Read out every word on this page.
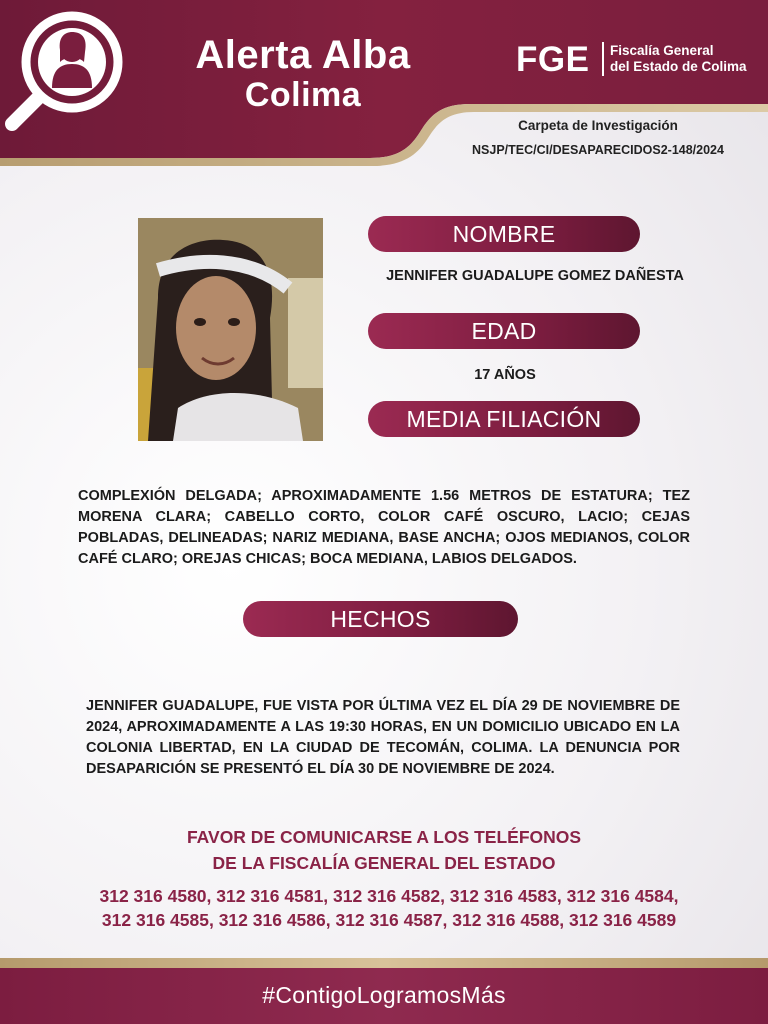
Alerta Alba
Colima
FGE Fiscalía General
del Estado de Colima
Carpeta de Investigación
NSJP/TEC/CI/DESAPARECIDOS2-148/2024
NOMBRE
JENNIFER GUADALUPE GOMEZ DAÑESTA
EDAD
17 AÑOS
MEDIA FILIACIÓN
COMPLEXIÓN DELGADA; APROXIMADAMENTE 1.56 METROS DE ESTATURA; TEZ MORENA CLARA; CABELLO CORTO, COLOR CAFÉ OSCURO, LACIO; CEJAS POBLADAS, DELINEADAS; NARIZ MEDIANA, BASE ANCHA; OJOS MEDIANOS, COLOR CAFÉ CLARO; OREJAS CHICAS; BOCA MEDIANA, LABIOS DELGADOS.
HECHOS
JENNIFER GUADALUPE, FUE VISTA POR ÚLTIMA VEZ EL DÍA 29 DE NOVIEMBRE DE 2024, APROXIMADAMENTE A LAS 19:30 HORAS, EN UN DOMICILIO UBICADO EN LA COLONIA LIBERTAD, EN LA CIUDAD DE TECOMÁN, COLIMA. LA DENUNCIA POR DESAPARICIÓN SE PRESENTÓ EL DÍA 30 DE NOVIEMBRE DE 2024.
FAVOR DE COMUNICARSE A LOS TELÉFONOS
DE LA FISCALÍA GENERAL DEL ESTADO
312 316 4580, 312 316 4581, 312 316 4582, 312 316 4583, 312 316 4584, 312 316 4585, 312 316 4586, 312 316 4587, 312 316 4588, 312 316 4589
#ContigoLogramosMás
